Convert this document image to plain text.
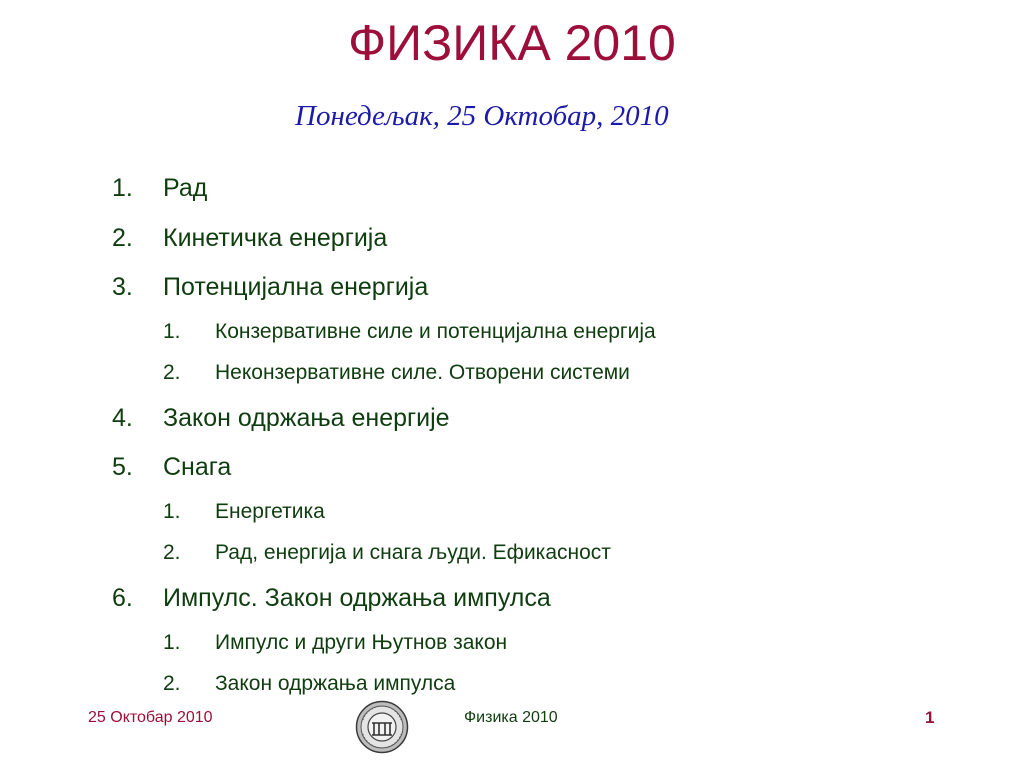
ФИЗИКА 2010
Понедељак, 25 Октобар, 2010
1. Рад
2. Кинетичка енергија
3. Потенцијална енергија
1. Конзервативне силе и потенцијална енергија
2. Неконзервативне силе. Отворени системи
4. Закон одржања енергије
5. Снага
1. Енергетика
2. Рад, енергија и снага људи. Ефикасност
6. Импулс. Закон одржања импулса
1. Импулс и други Њутнов закон
2. Закон одржања импулса
25 Октобар 2010	Физика 2010	1
